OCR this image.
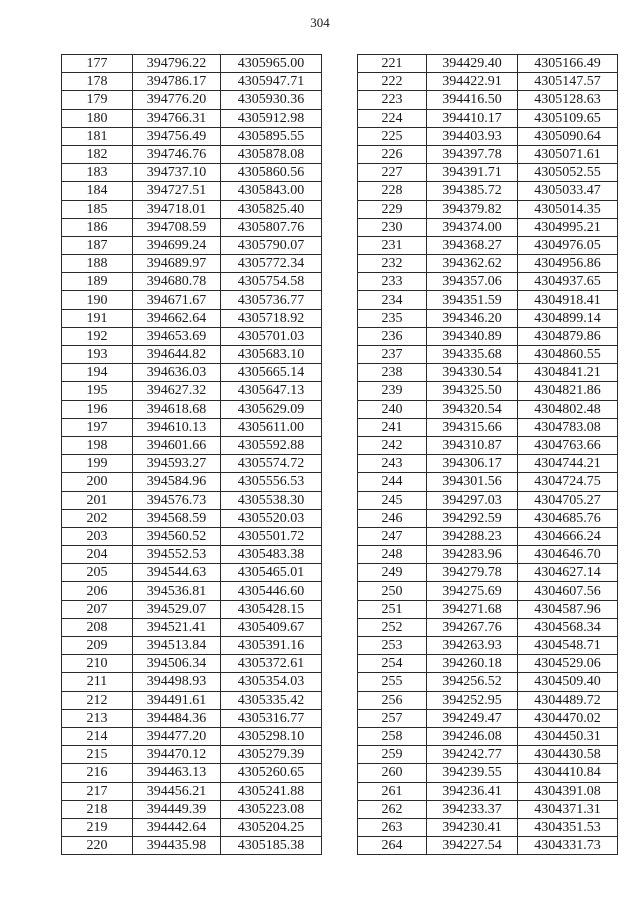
304
177	394796.22	4305965.00
178	394786.17	4305947.71
179	394776.20	4305930.36
180	394766.31	4305912.98
181	394756.49	4305895.55
182	394746.76	4305878.08
183	394737.10	4305860.56
184	394727.51	4305843.00
185	394718.01	4305825.40
186	394708.59	4305807.76
187	394699.24	4305790.07
188	394689.97	4305772.34
189	394680.78	4305754.58
190	394671.67	4305736.77
191	394662.64	4305718.92
192	394653.69	4305701.03
193	394644.82	4305683.10
194	394636.03	4305665.14
195	394627.32	4305647.13
196	394618.68	4305629.09
197	394610.13	4305611.00
198	394601.66	4305592.88
199	394593.27	4305574.72
200	394584.96	4305556.53
201	394576.73	4305538.30
202	394568.59	4305520.03
203	394560.52	4305501.72
204	394552.53	4305483.38
205	394544.63	4305465.01
206	394536.81	4305446.60
207	394529.07	4305428.15
208	394521.41	4305409.67
209	394513.84	4305391.16
210	394506.34	4305372.61
211	394498.93	4305354.03
212	394491.61	4305335.42
213	394484.36	4305316.77
214	394477.20	4305298.10
215	394470.12	4305279.39
216	394463.13	4305260.65
217	394456.21	4305241.88
218	394449.39	4305223.08
219	394442.64	4305204.25
220	394435.98	4305185.38
221	394429.40	4305166.49
222	394422.91	4305147.57
223	394416.50	4305128.63
224	394410.17	4305109.65
225	394403.93	4305090.64
226	394397.78	4305071.61
227	394391.71	4305052.55
228	394385.72	4305033.47
229	394379.82	4305014.35
230	394374.00	4304995.21
231	394368.27	4304976.05
232	394362.62	4304956.86
233	394357.06	4304937.65
234	394351.59	4304918.41
235	394346.20	4304899.14
236	394340.89	4304879.86
237	394335.68	4304860.55
238	394330.54	4304841.21
239	394325.50	4304821.86
240	394320.54	4304802.48
241	394315.66	4304783.08
242	394310.87	4304763.66
243	394306.17	4304744.21
244	394301.56	4304724.75
245	394297.03	4304705.27
246	394292.59	4304685.76
247	394288.23	4304666.24
248	394283.96	4304646.70
249	394279.78	4304627.14
250	394275.69	4304607.56
251	394271.68	4304587.96
252	394267.76	4304568.34
253	394263.93	4304548.71
254	394260.18	4304529.06
255	394256.52	4304509.40
256	394252.95	4304489.72
257	394249.47	4304470.02
258	394246.08	4304450.31
259	394242.77	4304430.58
260	394239.55	4304410.84
261	394236.41	4304391.08
262	394233.37	4304371.31
263	394230.41	4304351.53
264	394227.54	4304331.73
